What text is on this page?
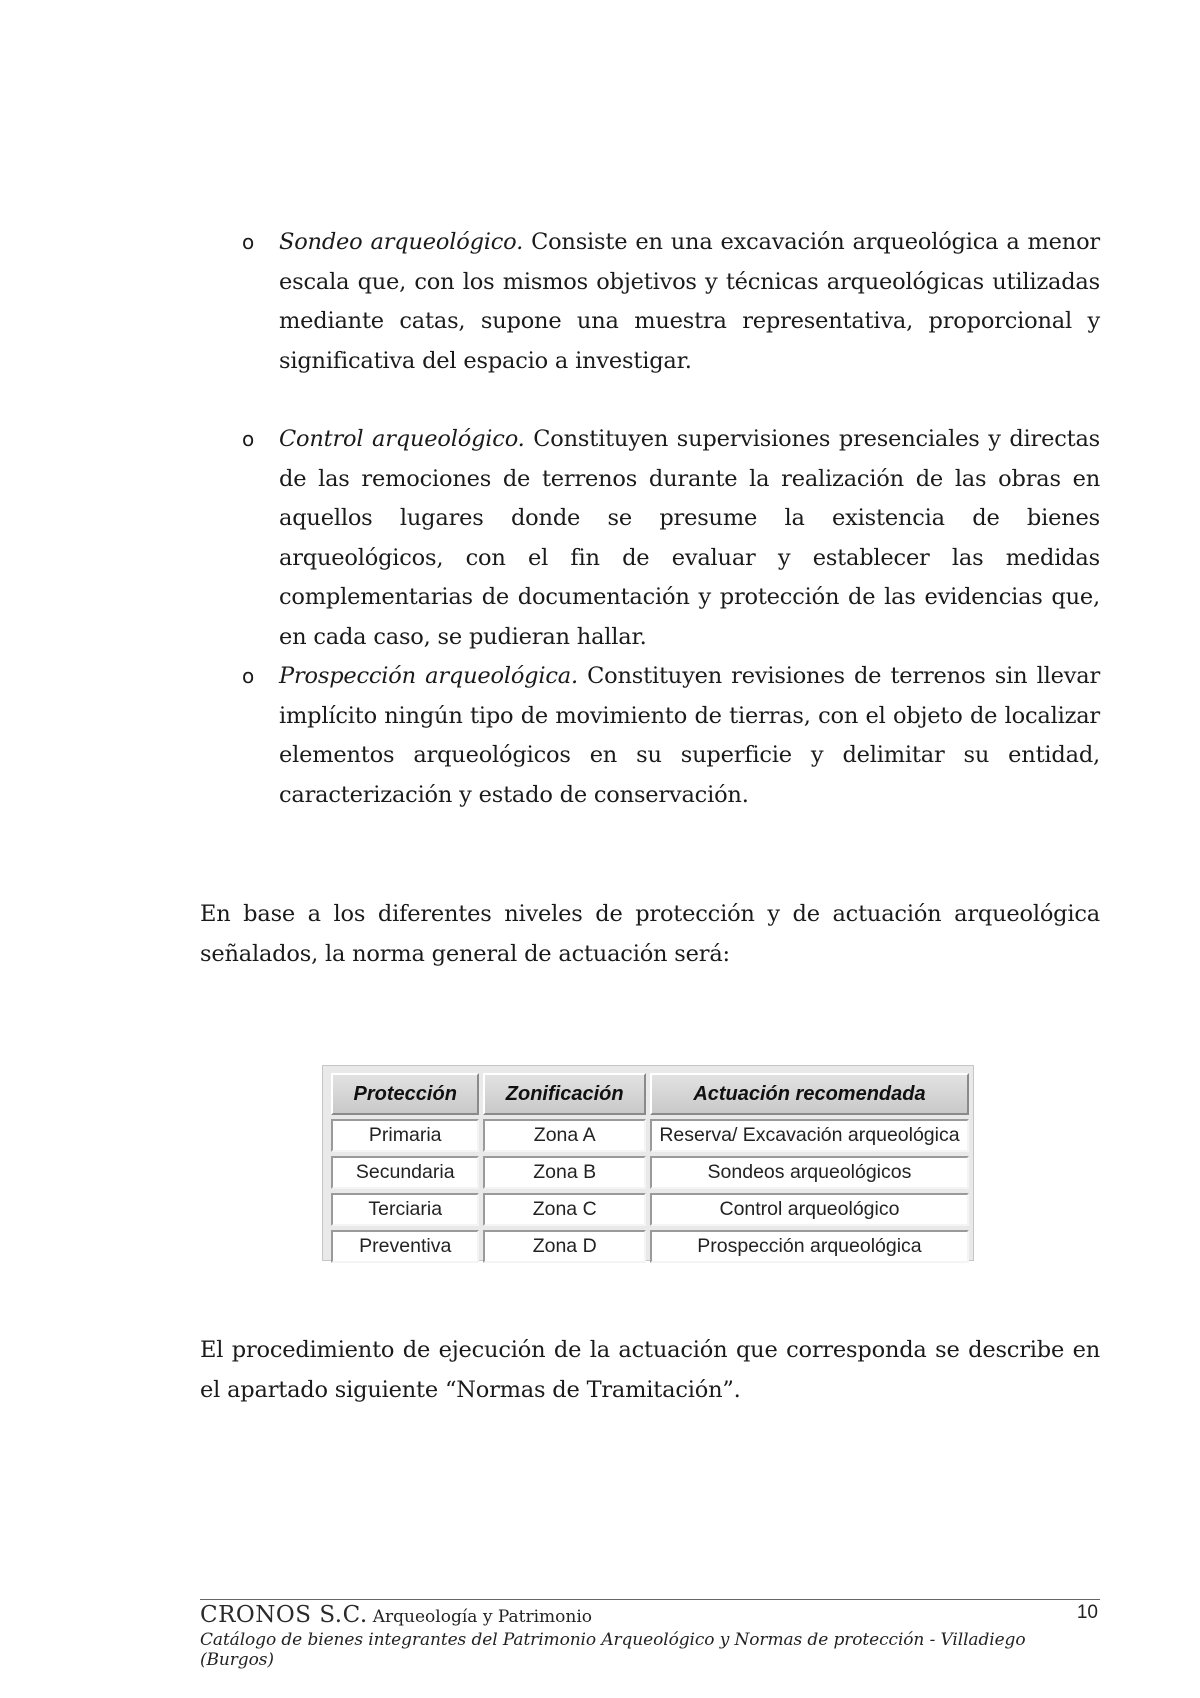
o Sondeo arqueológico. Consiste en una excavación arqueológica a menor escala que, con los mismos objetivos y técnicas arqueológicas utilizadas mediante catas, supone una muestra representativa, proporcional y significativa del espacio a investigar.
o Control arqueológico. Constituyen supervisiones presenciales y directas de las remociones de terrenos durante la realización de las obras en aquellos lugares donde se presume la existencia de bienes arqueológicos, con el fin de evaluar y establecer las medidas complementarias de documentación y protección de las evidencias que, en cada caso, se pudieran hallar.
o Prospección arqueológica. Constituyen revisiones de terrenos sin llevar implícito ningún tipo de movimiento de tierras, con el objeto de localizar elementos arqueológicos en su superficie y delimitar su entidad, caracterización y estado de conservación.

En base a los diferentes niveles de protección y de actuación arqueológica señalados, la norma general de actuación será:

Protección	Zonificación	Actuación recomendada
Primaria	Zona A	Reserva/ Excavación arqueológica
Secundaria	Zona B	Sondeos arqueológicos
Terciaria	Zona C	Control arqueológico
Preventiva	Zona D	Prospección arqueológica

El procedimiento de ejecución de la actuación que corresponda se describe en el apartado siguiente “Normas de Tramitación”.

CRONOS S.C. Arqueología y Patrimonio	10
Catálogo de bienes integrantes del Patrimonio Arqueológico y Normas de protección - Villadiego (Burgos)
